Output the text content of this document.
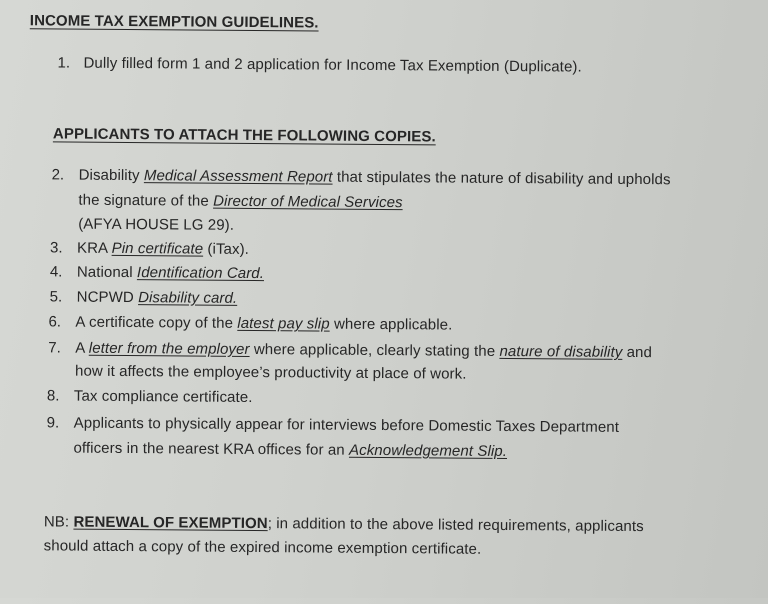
INCOME TAX EXEMPTION GUIDELINES.
1. Dully filled form 1 and 2 application for Income Tax Exemption (Duplicate).
APPLICANTS TO ATTACH THE FOLLOWING COPIES.
2. Disability Medical Assessment Report that stipulates the nature of disability and upholds
the signature of the Director of Medical Services
(AFYA HOUSE LG 29).
3. KRA Pin certificate (iTax).
4. National Identification Card.
5. NCPWD Disability card.
6. A certificate copy of the latest pay slip where applicable.
7. A letter from the employer where applicable, clearly stating the nature of disability and
how it affects the employee’s productivity at place of work.
8. Tax compliance certificate.
9. Applicants to physically appear for interviews before Domestic Taxes Department
officers in the nearest KRA offices for an Acknowledgement Slip.
NB: RENEWAL OF EXEMPTION; in addition to the above listed requirements, applicants
should attach a copy of the expired income exemption certificate.
